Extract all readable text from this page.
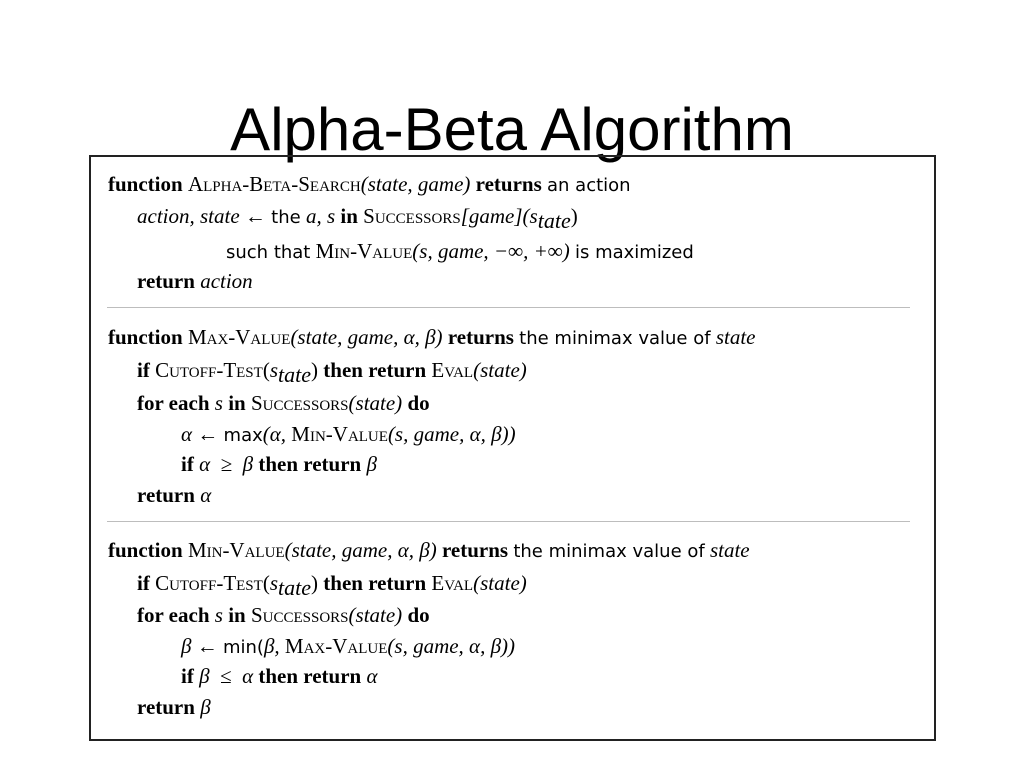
Alpha-Beta Algorithm
function Alpha-Beta-Search(state, game) returns an action
action, state ← the a, s in Successors[game](state)
such that Min-Value(s, game, −∞, +∞) is maximized
return action
function Max-Value(state, game, α, β) returns the minimax value of state
if Cutoff-Test(state) then return Eval(state)
for each s in Successors(state) do
α ← max(α, Min-Value(s, game, α, β))
if α  ≥  β then return β
return α
function Min-Value(state, game, α, β) returns the minimax value of state
if Cutoff-Test(state) then return Eval(state)
for each s in Successors(state) do
β ← min(β, Max-Value(s, game, α, β))
if β  ≤  α then return α
return β
